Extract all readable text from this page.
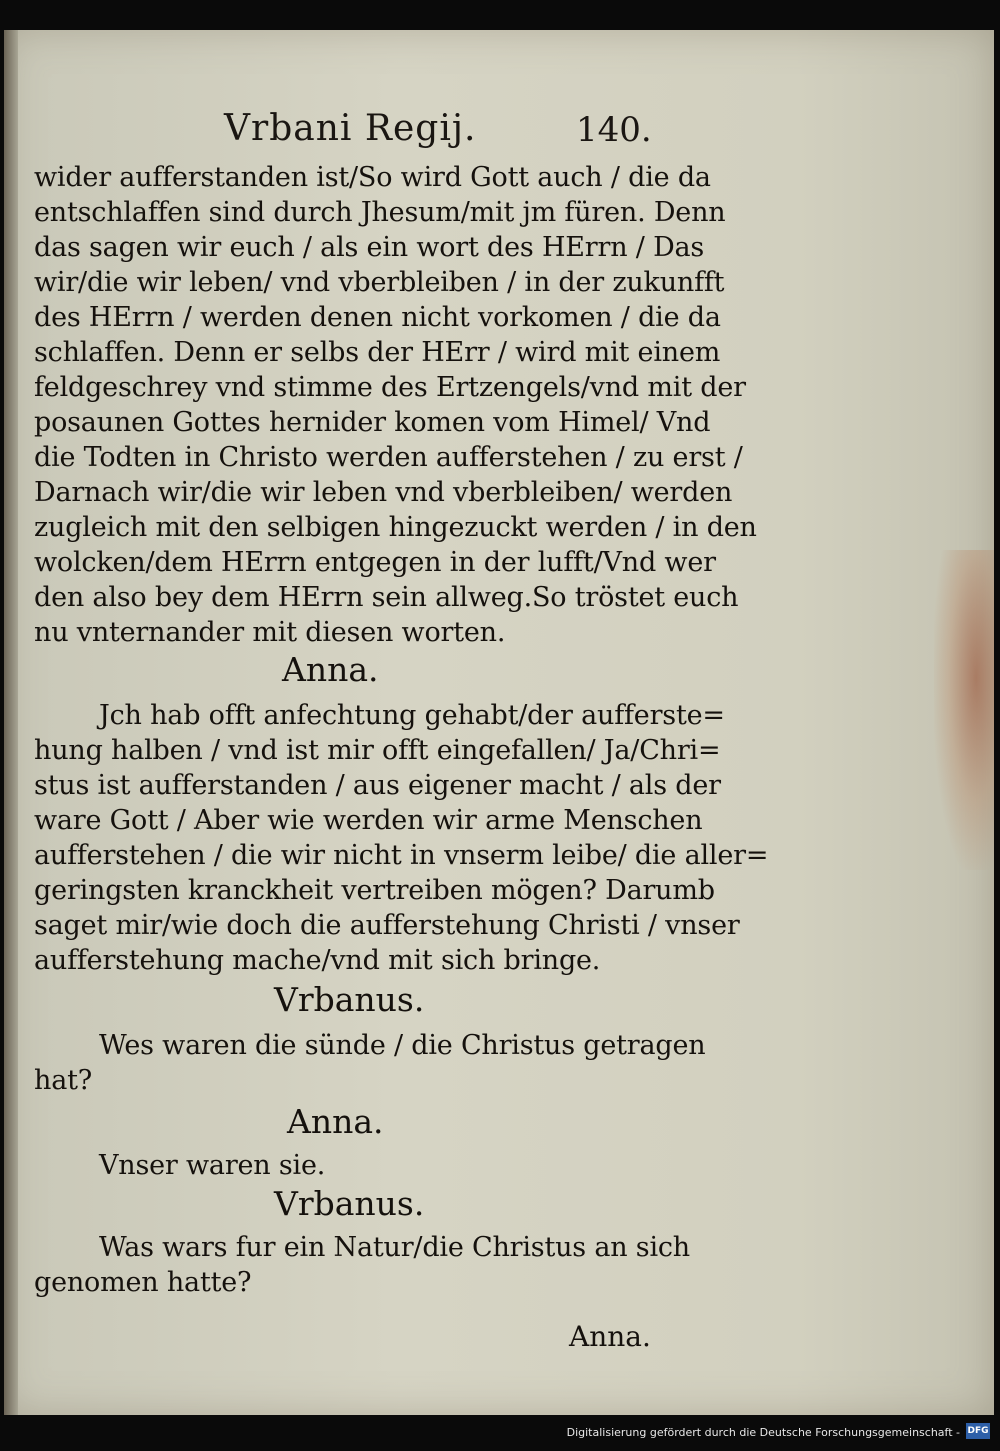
Vrbani Regij.	140.
wider aufferstanden ist/So wird Gott auch / die da
entschlaffen sind durch Jhesum/mit jm füren. Denn
das sagen wir euch / als ein wort des HErrn / Das
wir/die wir leben/ vnd vberbleiben / in der zukunfft
des HErrn / werden denen nicht vorkomen / die da
schlaffen. Denn er selbs der HErr / wird mit einem
feldgeschrey vnd stimme des Ertzengels/vnd mit der
posaunen Gottes hernider komen vom Himel/ Vnd
die Todten in Christo werden aufferstehen / zu erst /
Darnach wir/die wir leben vnd vberbleiben/ werden
zugleich mit den selbigen hingezuckt werden / in den
wolcken/dem HErrn entgegen in der lufft/Vnd wer
den also bey dem HErrn sein allweg.So tröstet euch
nu vnternander mit diesen worten.
Anna.
Jch hab offt anfechtung gehabt/der aufferste=
hung halben / vnd ist mir offt eingefallen/ Ja/Chri=
stus ist aufferstanden / aus eigener macht / als der
ware Gott / Aber wie werden wir arme Menschen
aufferstehen / die wir nicht in vnserm leibe/ die aller=
geringsten kranckheit vertreiben mögen? Darumb
saget mir/wie doch die aufferstehung Christi / vnser
aufferstehung mache/vnd mit sich bringe.
Vrbanus.
Wes waren die sünde / die Christus getragen
hat?
Anna.
Vnser waren sie.
Vrbanus.
Was wars fur ein Natur/die Christus an sich
genomen hatte?
Anna.
Digitalisierung gefördert durch die Deutsche Forschungsgemeinschaft - DFG
